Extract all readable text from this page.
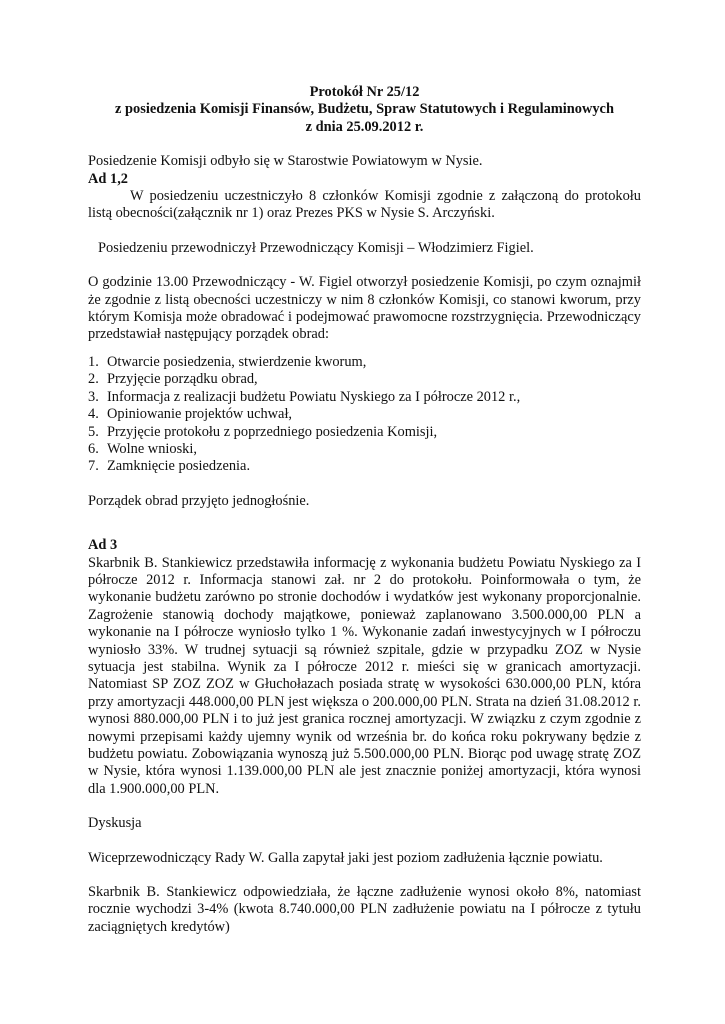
Protokół Nr 25/12
z posiedzenia Komisji Finansów, Budżetu, Spraw Statutowych i Regulaminowych
z dnia 25.09.2012 r.

Posiedzenie Komisji odbyło się w Starostwie Powiatowym w Nysie.

Ad 1,2

W posiedzeniu uczestniczyło 8 członków Komisji zgodnie z załączoną do protokołu listą obecności(załącznik nr 1) oraz Prezes PKS w Nysie S. Arczyński.

Posiedzeniu przewodniczył Przewodniczący Komisji – Włodzimierz Figiel.

O godzinie 13.00 Przewodniczący - W. Figiel otworzył posiedzenie Komisji, po czym oznajmił że zgodnie z listą obecności uczestniczy w nim 8 członków Komisji, co stanowi kworum, przy którym Komisja może obradować i podejmować prawomocne rozstrzygnięcia. Przewodniczący przedstawiał następujący porządek obrad:

1. Otwarcie posiedzenia, stwierdzenie kworum,
2. Przyjęcie porządku obrad,
3. Informacja z realizacji budżetu Powiatu Nyskiego za I półrocze 2012 r.,
4. Opiniowanie projektów uchwał,
5. Przyjęcie protokołu z poprzedniego posiedzenia Komisji,
6. Wolne wnioski,
7. Zamknięcie posiedzenia.

Porządek obrad przyjęto jednogłośnie.

Ad 3

Skarbnik B. Stankiewicz przedstawiła informację z wykonania budżetu Powiatu Nyskiego za I półrocze 2012 r. Informacja stanowi zał. nr 2 do protokołu. Poinformowała o tym, że wykonanie budżetu zarówno po stronie dochodów i wydatków jest wykonany proporcjonalnie. Zagrożenie stanowią dochody majątkowe, ponieważ zaplanowano 3.500.000,00 PLN a wykonanie na I półrocze wyniosło tylko 1 %. Wykonanie zadań inwestycyjnych w I półroczu wyniosło 33%. W trudnej sytuacji są również szpitale, gdzie w przypadku ZOZ w Nysie sytuacja jest stabilna. Wynik za I półrocze 2012 r. mieści się w granicach amortyzacji. Natomiast SP ZOZ ZOZ w Głuchołazach posiada stratę w wysokości 630.000,00 PLN, która przy amortyzacji 448.000,00 PLN jest większa o 200.000,00 PLN. Strata na dzień 31.08.2012 r. wynosi 880.000,00 PLN i to już jest granica rocznej amortyzacji. W związku z czym zgodnie z nowymi przepisami każdy ujemny wynik od września br. do końca roku pokrywany będzie z budżetu powiatu. Zobowiązania wynoszą już 5.500.000,00 PLN. Biorąc pod uwagę stratę ZOZ w Nysie, która wynosi 1.139.000,00 PLN ale jest znacznie poniżej amortyzacji, która wynosi dla 1.900.000,00 PLN.

Dyskusja

Wiceprzewodniczący Rady W. Galla zapytał jaki jest poziom zadłużenia łącznie powiatu.

Skarbnik B. Stankiewicz odpowiedziała, że łączne zadłużenie wynosi około 8%, natomiast rocznie wychodzi 3-4% (kwota 8.740.000,00 PLN zadłużenie powiatu na I półrocze z tytułu zaciągniętych kredytów)
